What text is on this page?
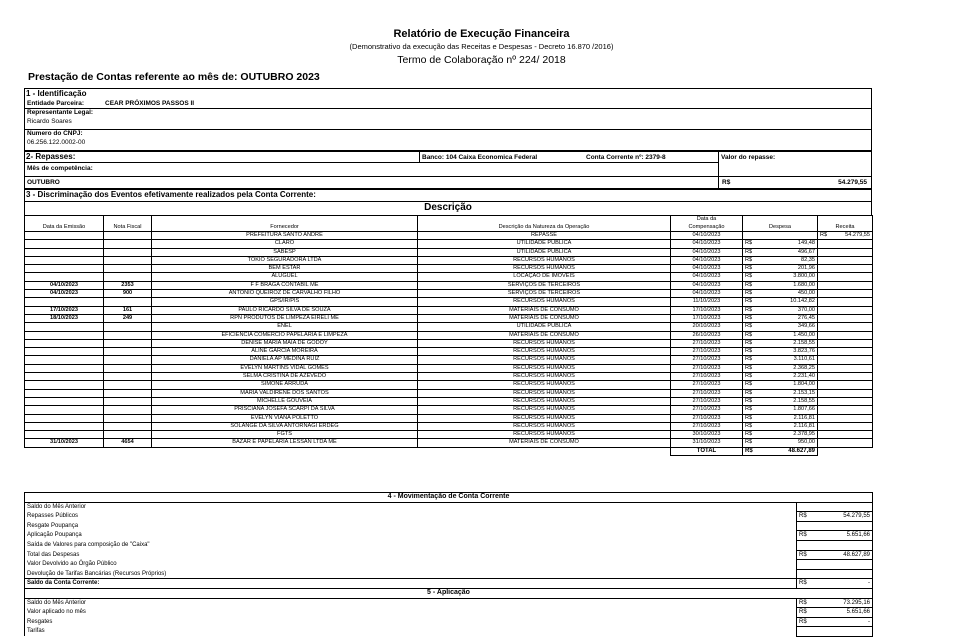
Relatório de Execução Financeira
(Demonstrativo da execução das Receitas e Despesas - Decreto 16.870 /2016)
Termo de Colaboração nº 224/ 2018
Prestação de Contas referente ao mês de: OUTUBRO 2023
1 - Identificação
Entidade Parceira:	CEAR PRÓXIMOS PASSOS II
Representante Legal:
Ricardo Soares
Numero do CNPJ:
06.256.122.0002-00
2- Repasses:	Banco: 104 Caixa Economica Federal	Conta Corrente nº: 2379-8	Valor do repasse:
Mês de competência:
OUTUBRO	R$	54.279,55
3 - Discriminação dos Eventos efetivamente realizados pela Conta Corrente:
Descrição
				Data da		
Data da Emissão	Nota Fiscal	Fornecedor	Descrição da Natureza da Operação	Compensação	Despesa	Receita
		PREFEITURA SANTO ANDRE	REPASSE	04/10/2023		R$ 54.279,55

		CLARO	UTILIDADE PUBLICA	04/10/2023	R$ 149,48	

		SABESP	UTILIDADE PUBLICA	04/10/2023	R$ 496,67	

		TOKIO SEGURADORA LTDA	RECURSOS HUMANOS	04/10/2023	R$ 82,35	

		BEM ESTAR	RECURSOS HUMANOS	04/10/2023	R$ 201,96	

		ALUGUEL	LOCAÇÃO DE IMOVEIS	04/10/2023	R$ 3.800,00	

04/10/2023	2353	F F BRAGA CONTABIL ME	SERVIÇOS DE TERCEIROS	04/10/2023	R$ 1.680,00	

04/10/2023	900	ANTONIO QUEIROZ DE CARVALHO FILHO	SERVIÇOS DE TERCEIROS	04/10/2023	R$ 450,00	

		GPS/IR/PIS	RECURSOS HUMANOS	11/10/2023	R$ 10.142,82	

17/10/2023	161	PAULO RICARDO SILVA DE SOUZA	MATERIAIS DE CONSUMO	17/10/2023	R$ 370,00	

18/10/2023	249	RPN PRODUTOS DE LIMPEZA EIRELI ME	MATERIAIS DE CONSUMO	17/10/2023	R$ 276,45	

		ENEL	UTILIDADE PUBLICA	20/10/2023	R$ 349,66	

		EFICIENCIA COMERCIO PAPELARIA E LIMPEZA	MATERIAIS DE CONSUMO	26/10/2023	R$ 1.450,00	

		DENISE MARIA MAIA DE GODOY	RECURSOS HUMANOS	27/10/2023	R$ 2.158,55	

		ALINE GARCIA MOREIRA	RECURSOS HUMANOS	27/10/2023	R$ 3.823,76	

		DANIELA AP MEDINA RUIZ	RECURSOS HUMANOS	27/10/2023	R$ 3.110,61	

		EVELYN MARTINS VIDAL GOMES	RECURSOS HUMANOS	27/10/2023	R$ 2.368,25	

		SELMA CRISTINA DE AZEVEDO	RECURSOS HUMANOS	27/10/2023	R$ 2.231,40	

		SIMONE ARRUDA	RECURSOS HUMANOS	27/10/2023	R$ 1.804,00	

		MARIA VALDIRENE DOS SANTOS	RECURSOS HUMANOS	27/10/2023	R$ 2.153,15	

		MICHELLE GOUVEIA	RECURSOS HUMANOS	27/10/2023	R$ 2.158,55	

		PRISCIANA JOSEFA SCARPI DA SILVA	RECURSOS HUMANOS	27/10/2023	R$ 1.807,66	

		EVELYN VIANA POLETTO	RECURSOS HUMANOS	27/10/2023	R$ 2.116,81	

		SOLANGE DA SILVA ANTORNAGI ERDEG	RECURSOS HUMANOS	27/10/2023	R$ 2.116,81	

		FGTS	RECURSOS HUMANOS	30/10/2023	R$ 2.378,95	

31/10/2023	4654	BAZAR E PAPELARIA LESSAN LTDA ME	MATERIAIS DE CONSUMO	31/10/2023	R$ 950,00	

				TOTAL	R$ 48.627,89	

4 - Movimentação de Conta Corrente	
Saldo do Mês Anterior	
Repasses Públicos	R$ 54.279,55

Resgate Poupança	
Aplicação Poupança	R$ 5.651,66

Saída de Valores para composição de "Caixa"	
Total das Despesas	R$ 48.627,89

Valor Devolvido ao Órgão Público	
Devolução de Tarifas Bancárias (Recursos Próprios)	
Saldo da Conta Corrente:	R$ -

5 - Aplicação	
Saldo do Mês Anterior	R$ 73.295,16

Valor aplicado no mês	R$ 5.651,66

Resgates	R$ -

Tarifas	
